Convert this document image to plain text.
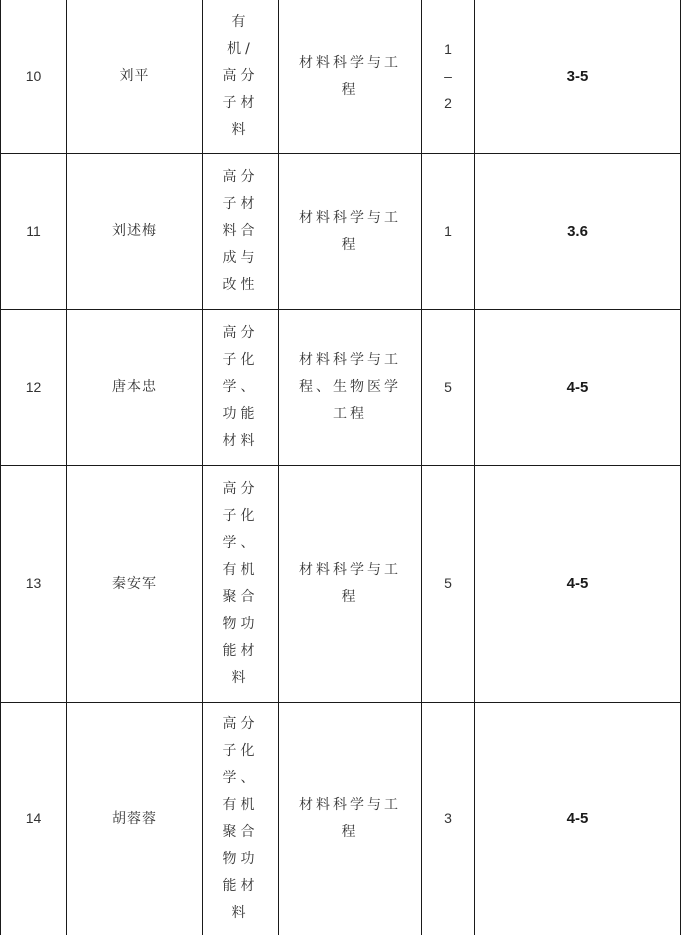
10	刘平	有机/高分子材料	材料科学与工程	1–2	3-5
11	刘述梅	高分子材料合成与改性	材料科学与工程	1	3.6
12	唐本忠	高分子化学、功能材料	材料科学与工程、生物医学工程	5	4-5
13	秦安军	高分子化学、有机聚合物功能材料	材料科学与工程	5	4-5
14	胡蓉蓉	高分子化学、有机聚合物功能材料	材料科学与工程	3	4-5
